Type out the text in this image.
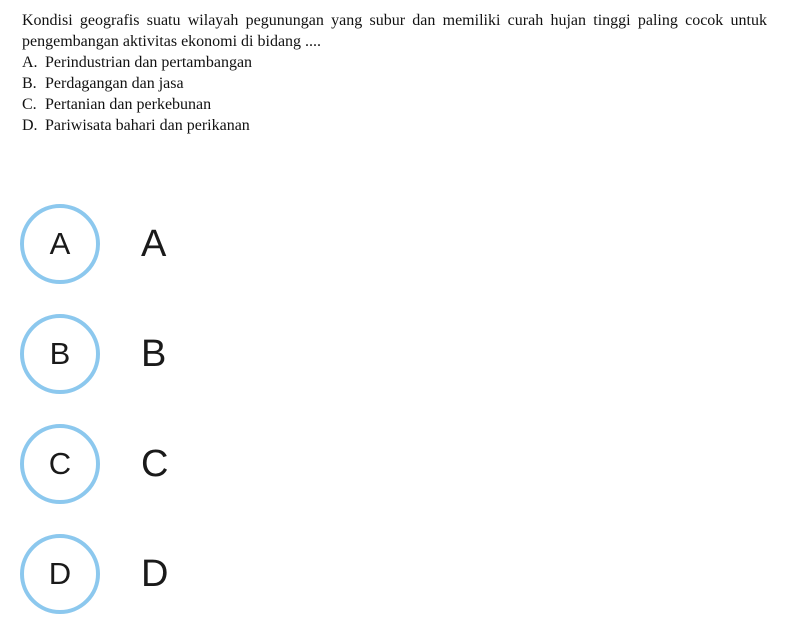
Kondisi geografis suatu wilayah pegunungan yang subur dan memiliki curah hujan tinggi paling cocok untuk pengembangan aktivitas ekonomi di bidang ....
A. Perindustrian dan pertambangan
B. Perdagangan dan jasa
C. Pertanian dan perkebunan
D. Pariwisata bahari dan perikanan
A	A
B	B
C	C
D	D
